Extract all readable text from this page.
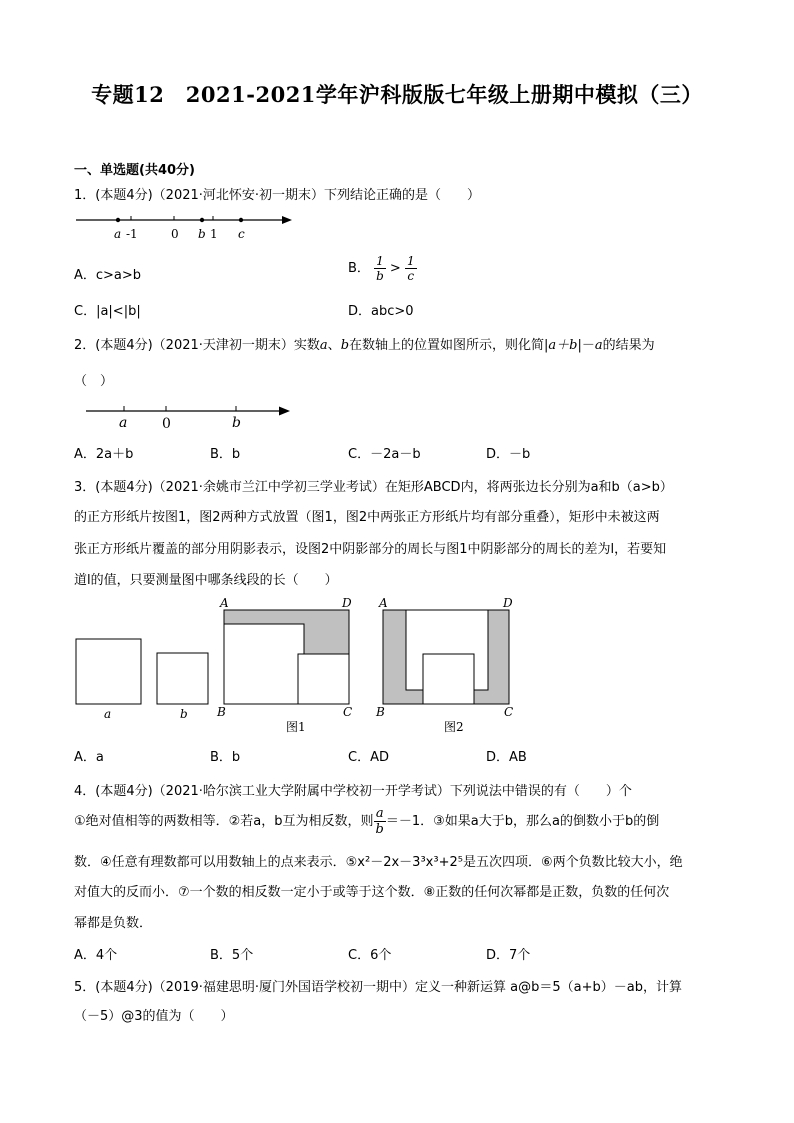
专题12　2021-2021学年沪科版版七年级上册期中模拟（三）
一、单选题(共40分)
1．(本题4分)（2021·河北怀安·初一期末）下列结论正确的是（　　）
a -1	0 b 1 c
A．c>a>b	B． $\frac{1}{b} > \frac{1}{c}$
C．|a|<|b|	D．abc>0
2．(本题4分)（2021·天津初一期末）实数a、b在数轴上的位置如图所示，则化简|a＋b|－a的结果为
（　）
a 0	b
A．2a＋b	B．b	C．－2a－b	D．－b
3．(本题4分)（2021·余姚市兰江中学初三学业考试）在矩形ABCD内，将两张边长分别为a和b（a>b）
的正方形纸片按图1，图2两种方式放置（图1，图2中两张正方形纸片均有部分重叠），矩形中未被这两
张正方形纸片覆盖的部分用阴影表示，设图2中阴影部分的周长与图1中阴影部分的周长的差为l，若要知
道l的值，只要测量图中哪条线段的长（　　）
a	b
A	D
B	C
图1
A	D
B	C
图2
A．a	B．b	C．AD	D．AB
4．(本题4分)（2021·哈尔滨工业大学附属中学校初一开学考试）下列说法中错误的有（　　）个
①绝对值相等的两数相等．②若a，b互为相反数，则 $\frac{a}{b} =-1$．③如果a大于b，那么a的倒数小于b的倒
数．④任意有理数都可以用数轴上的点来表示．⑤x²－2x－3³x³+2⁵是五次四项．⑥两个负数比较大小，绝
对值大的反而小．⑦一个数的相反数一定小于或等于这个数．⑧正数的任何次幂都是正数，负数的任何次
幂都是负数．
A．4个	B．5个	C．6个	D．7个
5．(本题4分)（2019·福建思明·厦门外国语学校初一期中）定义一种新运算 a@b＝5（a+b）－ab，计算
（－5）@3的值为（　　）
